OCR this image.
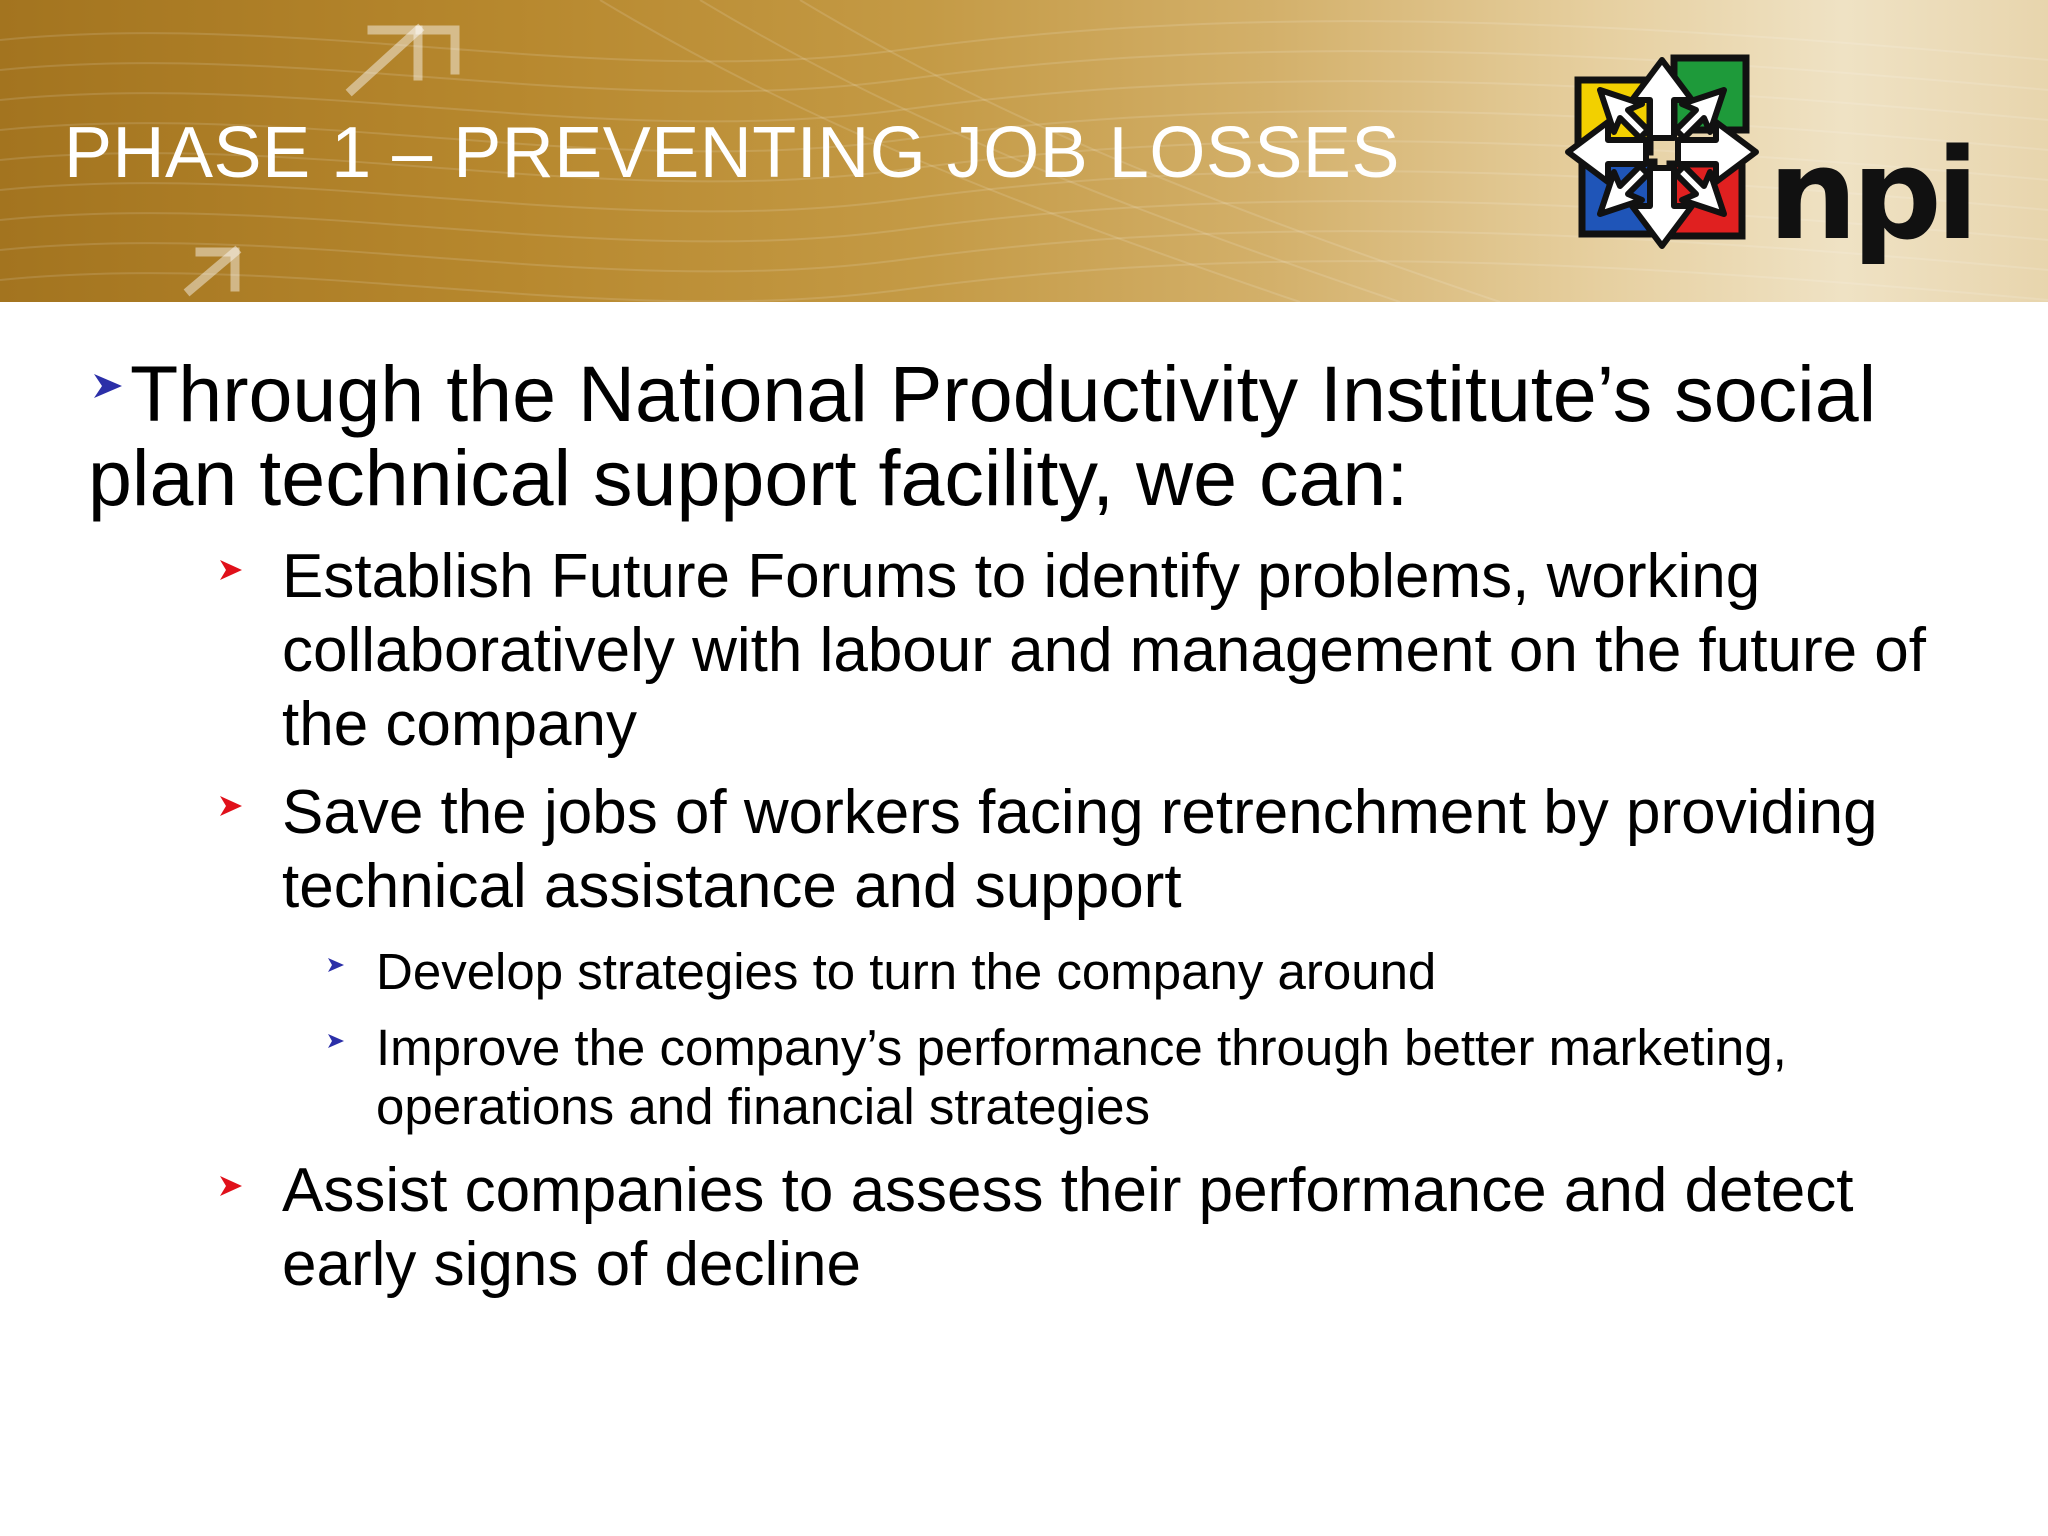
PHASE 1 – PREVENTING JOB LOSSES	npi
Through the National Productivity Institute’s social plan technical support facility, we can:
Establish Future Forums to identify problems, working collaboratively with labour and management on the future of the company
Save the jobs of workers facing retrenchment by providing technical assistance and support
Develop strategies to turn the company around
Improve the company’s performance through better marketing, operations and financial strategies
Assist companies to assess their performance and detect early signs of decline
